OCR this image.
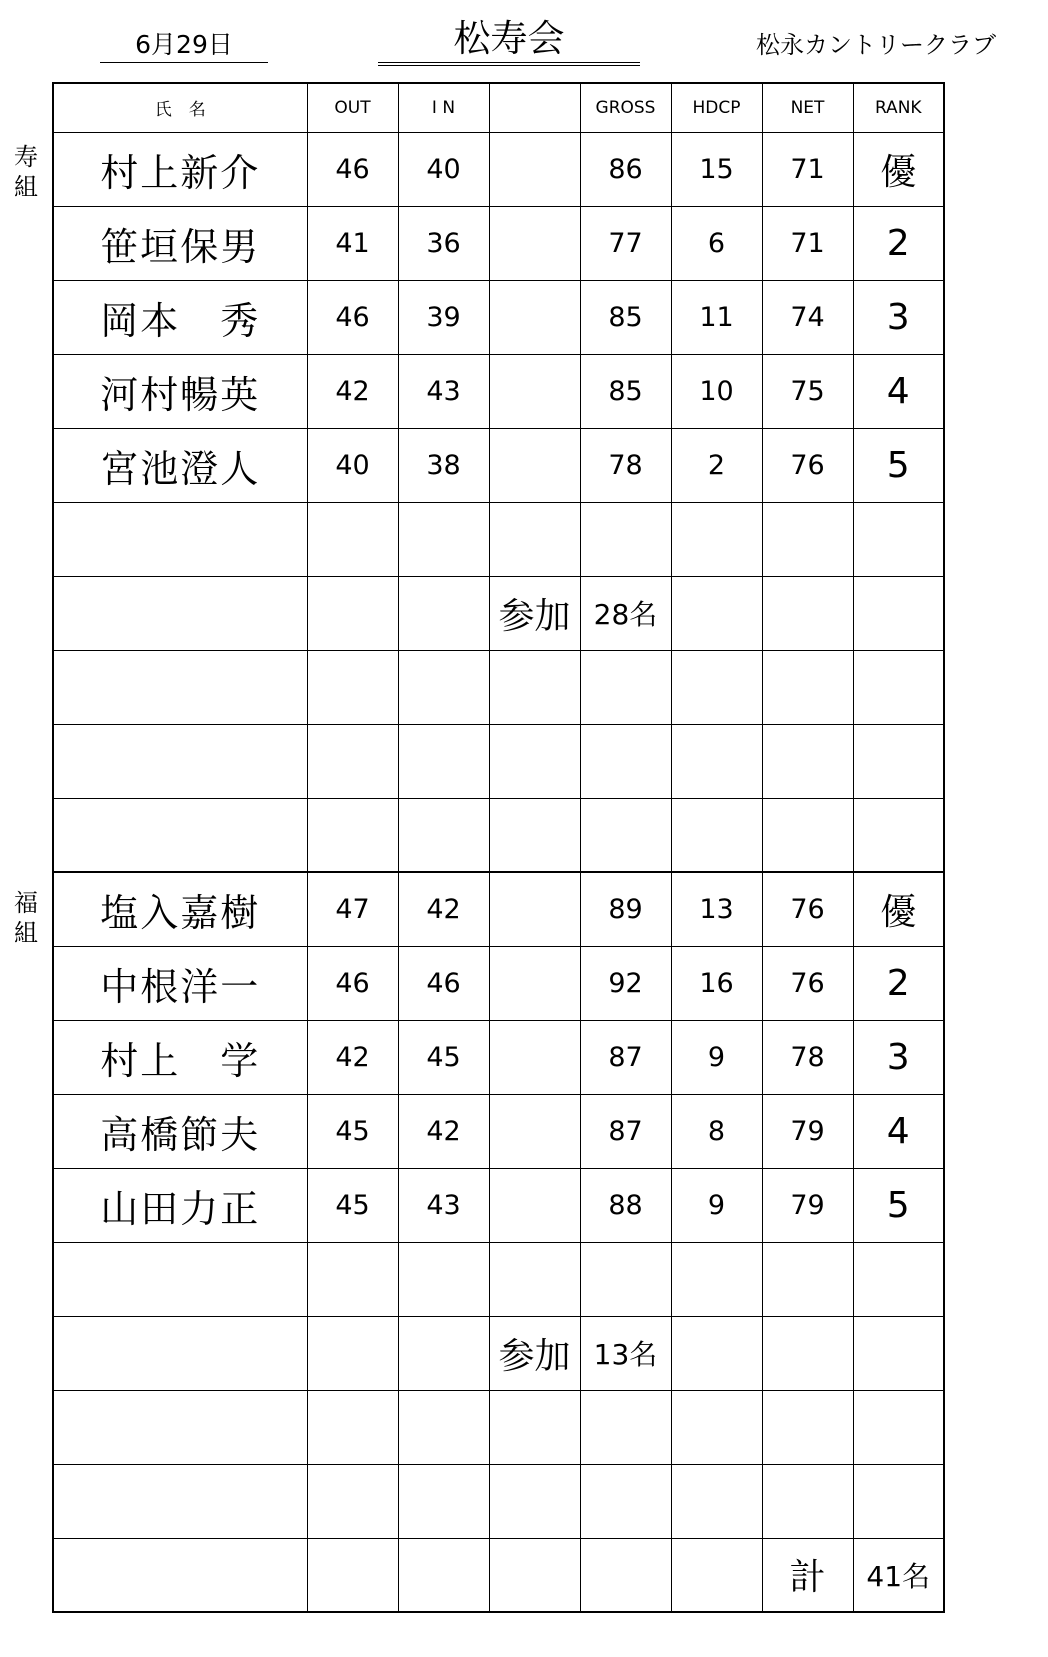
6月29日	松寿会	松永カントリークラブ
寿組
福組
氏　名	OUT	I N		GROSS	HDCP	NET	RANK
村上新介	46	40		86	15	71	優
笹垣保男	41	36		77	6	71	2
岡本　秀	46	39		85	11	74	3
河村暢英	42	43		85	10	75	4
宮池澄人	40	38		78	2	76	5

			参加	28名			

塩入嘉樹	47	42		89	13	76	優
中根洋一	46	46		92	16	76	2
村上　学	42	45		87	9	78	3
高橋節夫	45	42		87	8	79	4
山田力正	45	43		88	9	79	5

			参加	13名			

						計	41名
